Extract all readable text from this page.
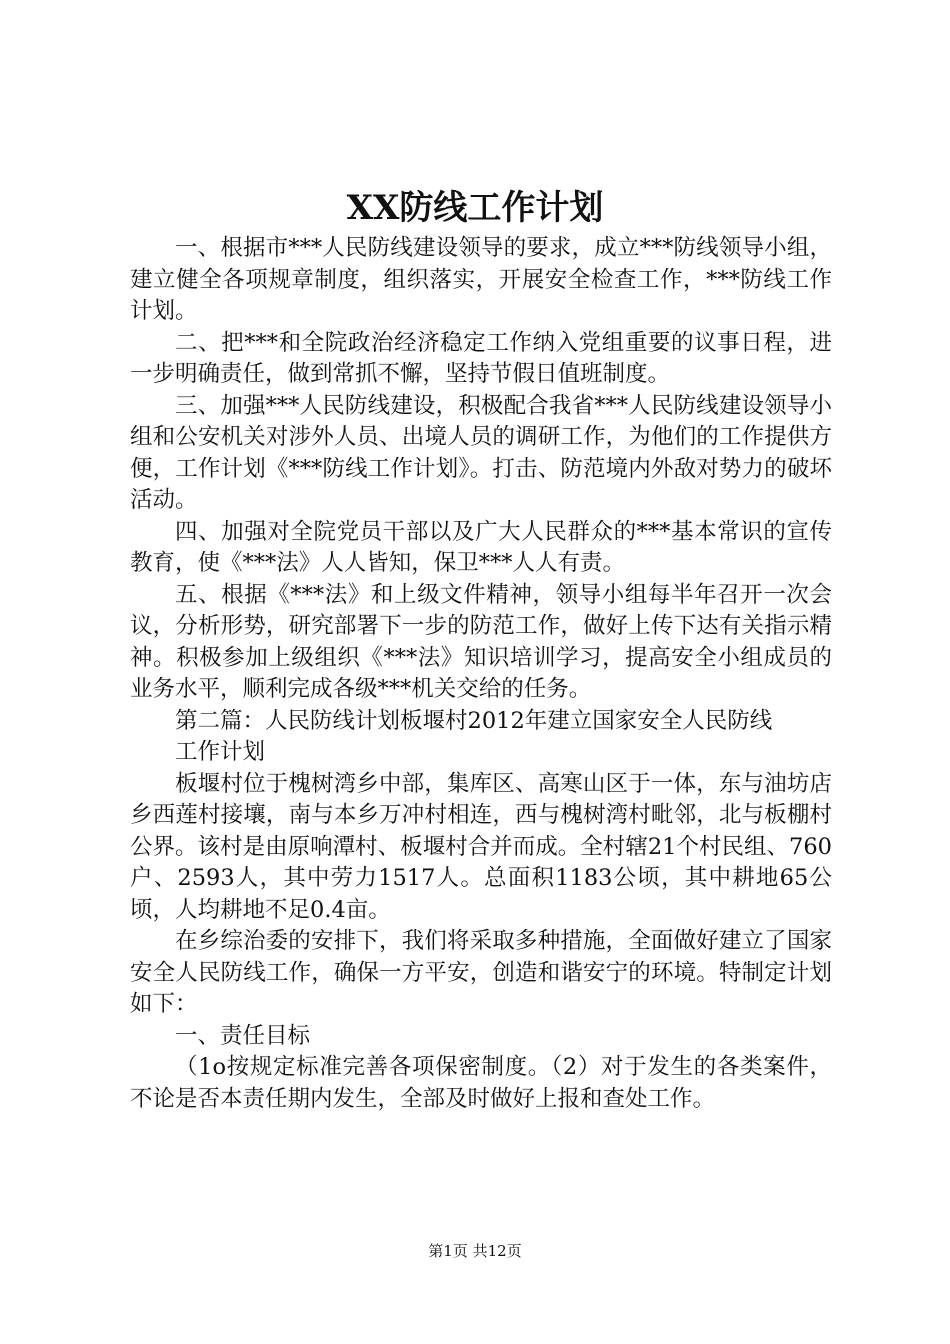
XX防线工作计划

一、根据市***人民防线建设领导的要求，成立***防线领导小组，建立健全各项规章制度，组织落实，开展安全检查工作，***防线工作计划。

二、把***和全院政治经济稳定工作纳入党组重要的议事日程，进一步明确责任，做到常抓不懈，坚持节假日值班制度。

三、加强***人民防线建设，积极配合我省***人民防线建设领导小组和公安机关对涉外人员、出境人员的调研工作，为他们的工作提供方便，工作计划《***防线工作计划》。打击、防范境内外敌对势力的破坏活动。

四、加强对全院党员干部以及广大人民群众的***基本常识的宣传教育，使《***法》人人皆知，保卫***人人有责。

五、根据《***法》和上级文件精神，领导小组每半年召开一次会议，分析形势，研究部署下一步的防范工作，做好上传下达有关指示精神。积极参加上级组织《***法》知识培训学习，提高安全小组成员的业务水平，顺利完成各级***机关交给的任务。

第二篇：人民防线计划板堰村2012年建立国家安全人民防线

工作计划

板堰村位于槐树湾乡中部，集库区、高寒山区于一体，东与油坊店乡西莲村接壤，南与本乡万冲村相连，西与槐树湾村毗邻，北与板棚村公界。该村是由原响潭村、板堰村合并而成。全村辖21个村民组、760户、2593人，其中劳力1517人。总面积1183公顷，其中耕地65公顷，人均耕地不足0.4亩。

在乡综治委的安排下，我们将采取多种措施，全面做好建立了国家安全人民防线工作，确保一方平安，创造和谐安宁的环境。特制定计划如下：

一、责任目标

（1o按规定标准完善各项保密制度。（2）对于发生的各类案件，不论是否本责任期内发生，全部及时做好上报和查处工作。

第1页 共12页
